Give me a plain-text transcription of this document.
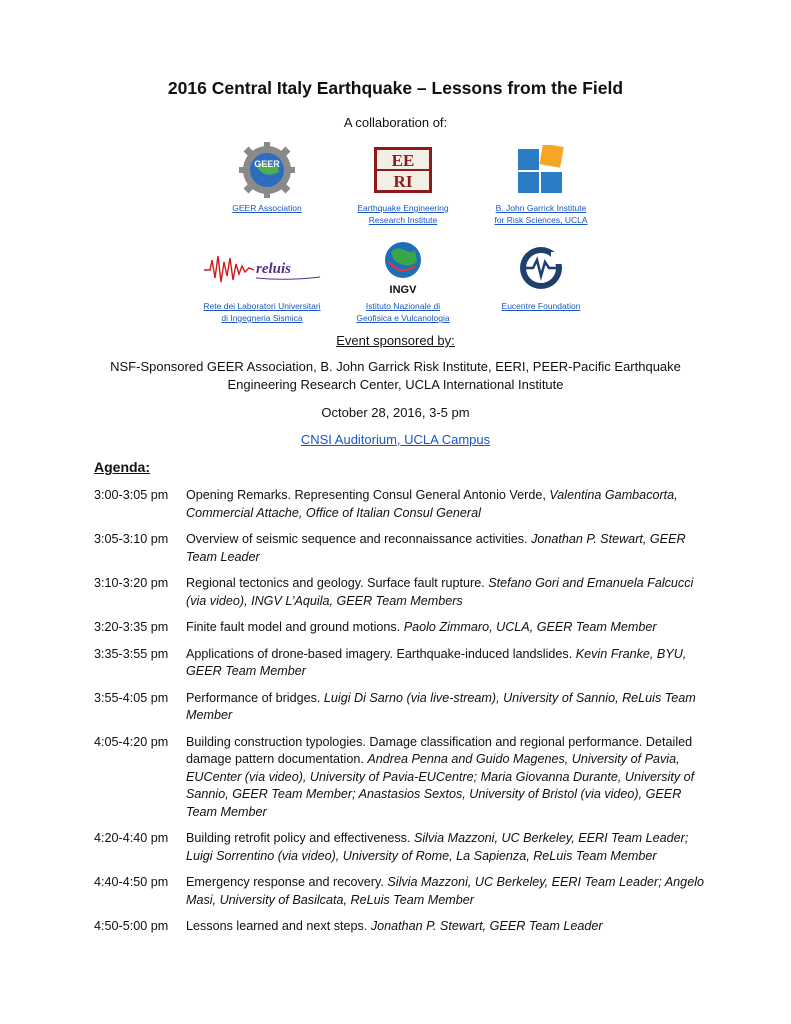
2016 Central Italy Earthquake – Lessons from the Field
A collaboration of:
GEER
GEER Association
EE
RI
Earthquake Engineering
Research Institute
B. John Garrick Institute
for Risk Sciences, UCLA
reluis
Rete dei Laboratori Universitari
di Ingegneria Sismica
INGV
Istituto Nazionale di
Geofisica e Vulcanologia
Eucentre Foundation
Event sponsored by:
NSF-Sponsored GEER Association, B. John Garrick Risk Institute, EERI, PEER-Pacific Earthquake Engineering Research Center, UCLA International Institute
October 28, 2016, 3-5 pm
CNSI Auditorium, UCLA Campus
Agenda:
3:00-3:05 pm	Opening Remarks. Representing Consul General Antonio Verde, Valentina Gambacorta, Commercial Attache, Office of Italian Consul General
3:05-3:10 pm	Overview of seismic sequence and reconnaissance activities. Jonathan P. Stewart, GEER Team Leader
3:10-3:20 pm	Regional tectonics and geology. Surface fault rupture. Stefano Gori and Emanuela Falcucci (via video), INGV L’Aquila, GEER Team Members
3:20-3:35 pm	Finite fault model and ground motions. Paolo Zimmaro, UCLA, GEER Team Member
3:35-3:55 pm	Applications of drone-based imagery. Earthquake-induced landslides. Kevin Franke, BYU, GEER Team Member
3:55-4:05 pm	Performance of bridges. Luigi Di Sarno (via live-stream), University of Sannio, ReLuis Team Member
4:05-4:20 pm	Building construction typologies. Damage classification and regional performance. Detailed damage pattern documentation. Andrea Penna and Guido Magenes, University of Pavia, EUCenter (via video), University of Pavia-EUCentre; Maria Giovanna Durante, University of Sannio, GEER Team Member; Anastasios Sextos, University of Bristol (via video), GEER Team Member
4:20-4:40 pm	Building retrofit policy and effectiveness. Silvia Mazzoni, UC Berkeley, EERI Team Leader; Luigi Sorrentino (via video), University of Rome, La Sapienza, ReLuis Team Member
4:40-4:50 pm	Emergency response and recovery. Silvia Mazzoni, UC Berkeley, EERI Team Leader; Angelo Masi, University of Basilcata, ReLuis Team Member
4:50-5:00 pm	Lessons learned and next steps. Jonathan P. Stewart, GEER Team Leader
